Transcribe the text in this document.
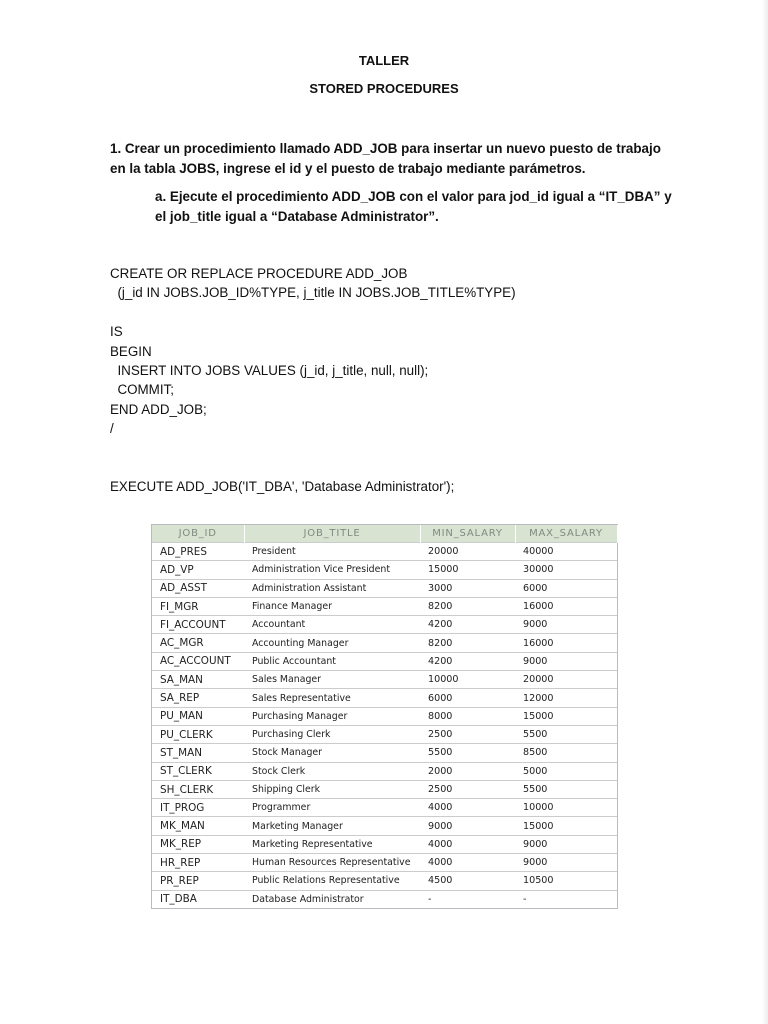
TALLER
STORED PROCEDURES
1. Crear un procedimiento llamado ADD_JOB para insertar un nuevo puesto de trabajo en la tabla JOBS, ingrese el id y el puesto de trabajo mediante parámetros.
a. Ejecute el procedimiento ADD_JOB con el valor para jod_id igual a “IT_DBA” y el job_title igual a “Database Administrator”.
CREATE OR REPLACE PROCEDURE ADD_JOB
(j_id IN JOBS.JOB_ID%TYPE, j_title IN JOBS.JOB_TITLE%TYPE)
IS
BEGIN
INSERT INTO JOBS VALUES (j_id, j_title, null, null);
COMMIT;
END ADD_JOB;
/
EXECUTE ADD_JOB('IT_DBA', 'Database Administrator');
JOB_ID	JOB_TITLE	MIN_SALARY	MAX_SALARY
AD_PRES	President	20000	40000
AD_VP	Administration Vice President	15000	30000
AD_ASST	Administration Assistant	3000	6000
FI_MGR	Finance Manager	8200	16000
FI_ACCOUNT	Accountant	4200	9000
AC_MGR	Accounting Manager	8200	16000
AC_ACCOUNT	Public Accountant	4200	9000
SA_MAN	Sales Manager	10000	20000
SA_REP	Sales Representative	6000	12000
PU_MAN	Purchasing Manager	8000	15000
PU_CLERK	Purchasing Clerk	2500	5500
ST_MAN	Stock Manager	5500	8500
ST_CLERK	Stock Clerk	2000	5000
SH_CLERK	Shipping Clerk	2500	5500
IT_PROG	Programmer	4000	10000
MK_MAN	Marketing Manager	9000	15000
MK_REP	Marketing Representative	4000	9000
HR_REP	Human Resources Representative	4000	9000
PR_REP	Public Relations Representative	4500	10500
IT_DBA	Database Administrator	-	-
